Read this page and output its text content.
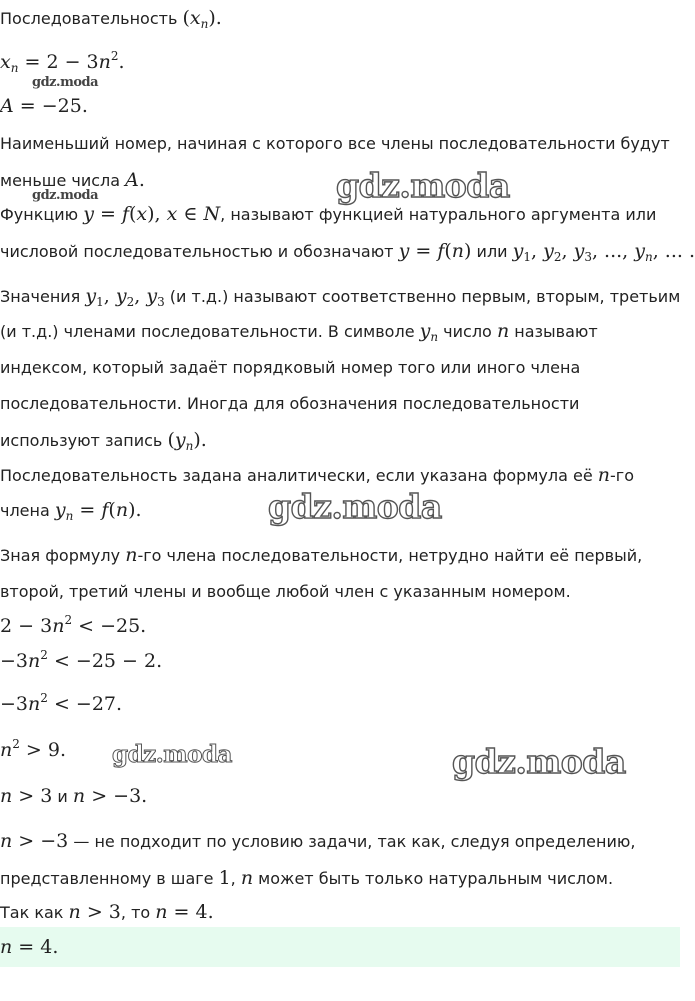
Последовательность $(x_n)$.
$x_n = 2 - 3n^2$.
A = −25.
Наименьший номер, начиная с которого все члены последовательности будут
меньше числа A.
Функцию y = f(x), x ∈ N, называют функцией натурального аргумента или
числовой последовательностью и обозначают y = f(n) или $y_1$, $y_2$, $y_3$, ..., $y_n$, ... .
Значения $y_1$, $y_2$, $y_3$ (и т.д.) называют соответственно первым, вторым, третьим
(и т.д.) членами последовательности. В символе $y_n$ число n называют
индексом, который задаёт порядковый номер того или иного члена
последовательности. Иногда для обозначения последовательности
используют запись $(y_n)$.
Последовательность задана аналитически, если указана формула её n-го
члена $y_n = f(n)$.
Зная формулу n-го члена последовательности, нетрудно найти её первый,
второй, третий члены и вообще любой член с указанным номером.
$2 - 3n^2 < -25$.
$-3n^2 < -25 - 2$.
$-3n^2 < -27$.
$n^2 > 9$.
n > 3 и n > −3.
n > −3 — не подходит по условию задачи, так как, следуя определению,
представленному в шаге 1, n может быть только натуральным числом.
Так как n > 3, то n = 4.
n = 4.
gdz.moda
gdz.moda	gdz.moda
gdz.moda
gdz.moda	gdz.moda
